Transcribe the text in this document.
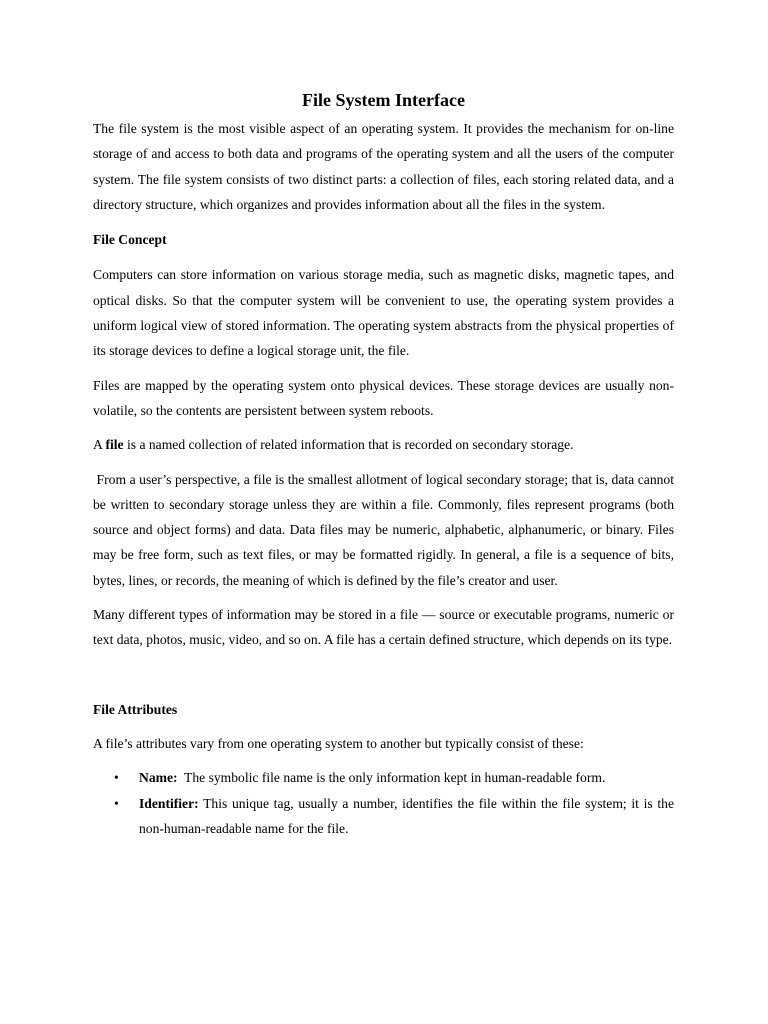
File System Interface

The file system is the most visible aspect of an operating system. It provides the mechanism for on-line storage of and access to both data and programs of the operating system and all the users of the computer system. The file system consists of two distinct parts: a collection of files, each storing related data, and a directory structure, which organizes and provides information about all the files in the system.

File Concept

Computers can store information on various storage media, such as magnetic disks, magnetic tapes, and optical disks. So that the computer system will be convenient to use, the operating system provides a uniform logical view of stored information. The operating system abstracts from the physical properties of its storage devices to define a logical storage unit, the file.

Files are mapped by the operating system onto physical devices. These storage devices are usually non-volatile, so the contents are persistent between system reboots.

A file is a named collection of related information that is recorded on secondary storage.

From a user’s perspective, a file is the smallest allotment of logical secondary storage; that is, data cannot be written to secondary storage unless they are within a file. Commonly, files represent programs (both source and object forms) and data. Data files may be numeric, alphabetic, alphanumeric, or binary. Files may be free form, such as text files, or may be formatted rigidly. In general, a file is a sequence of bits, bytes, lines, or records, the meaning of which is defined by the file’s creator and user.

Many different types of information may be stored in a file — source or executable programs, numeric or text data, photos, music, video, and so on. A file has a certain defined structure, which depends on its type.

File Attributes

A file’s attributes vary from one operating system to another but typically consist of these:

• Name:  The symbolic file name is the only information kept in human-readable form.
• Identifier: This unique tag, usually a number, identifies the file within the file system; it is the non-human-readable name for the file.
